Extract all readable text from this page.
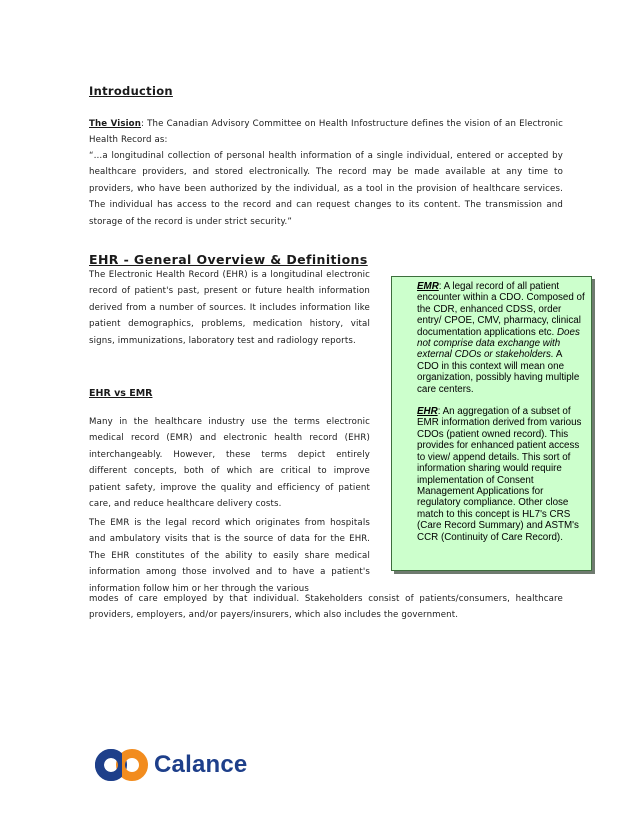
Introduction

The Vision: The Canadian Advisory Committee on Health Infostructure defines the vision of an Electronic Health Record as:

“…a longitudinal collection of personal health information of a single individual, entered or accepted by healthcare providers, and stored electronically. The record may be made available at any time to providers, who have been authorized by the individual, as a tool in the provision of healthcare services. The individual has access to the record and can request changes to its content. The transmission and storage of the record is under strict security.”

EHR - General Overview & Definitions

The Electronic Health Record (EHR) is a longitudinal electronic record of patient's past, present or future health information derived from a number of sources. It includes information like patient demographics, problems, medication history, vital signs, immunizations, laboratory test and radiology reports.

EHR vs EMR

Many in the healthcare industry use the terms electronic medical record (EMR) and electronic health record (EHR) interchangeably. However, these terms depict entirely different concepts, both of which are critical to improve patient safety, improve the quality and efficiency of patient care, and reduce healthcare delivery costs.

The EMR is the legal record which originates from hospitals and ambulatory visits that is the source of data for the EHR. The EHR constitutes of the ability to easily share medical information among those involved and to have a patient's information follow him or her through the various

modes of care employed by that individual. Stakeholders consist of patients/consumers, healthcare providers, employers, and/or payers/insurers, which also includes the government.

EMR: A legal record of all patient encounter within a CDO. Composed of the CDR, enhanced CDSS, order entry/ CPOE, CMV, pharmacy, clinical documentation applications etc. Does not comprise data exchange with external CDOs or stakeholders. A CDO in this context will mean one organization, possibly having multiple care centers.

EHR: An aggregation of a subset of EMR information derived from various CDOs (patient owned record). This provides for enhanced patient access to view/ append details. This sort of information sharing would require implementation of Consent Management Applications for regulatory compliance. Other close match to this concept is HL7's CRS (Care Record Summary) and ASTM's CCR (Continuity of Care Record).

Calance
